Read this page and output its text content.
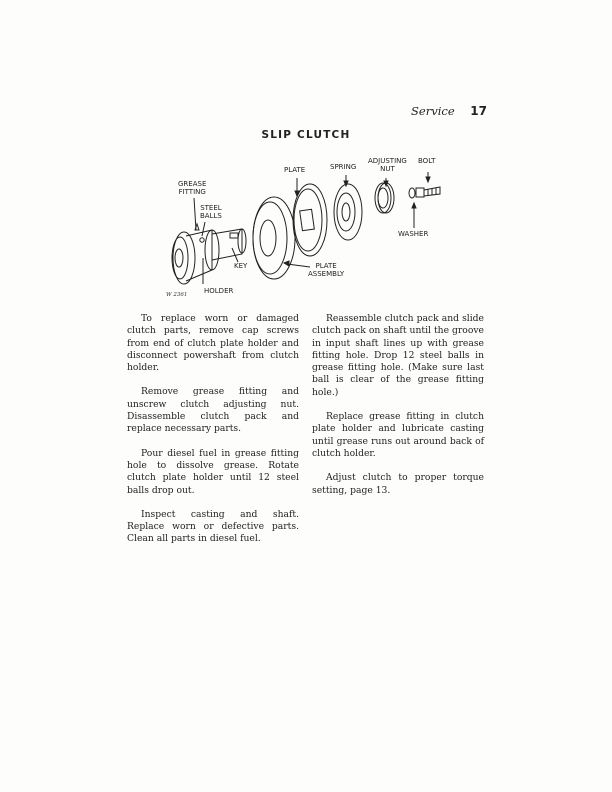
Service 17
SLIP CLUTCH
GREASE
FITTING
STEEL
BALLS
PLATE	SPRING
ADJUSTING
NUT
BOLT
WASHER
KEY	PLATE
ASSEMBLY
HOLDER
W 2361

To replace worn or damaged clutch parts, remove cap screws from end of clutch plate holder and disconnect powershaft from clutch holder.

Remove grease fitting and unscrew clutch adjusting nut. Disassemble clutch pack and replace necessary parts.

Pour diesel fuel in grease fitting hole to dissolve grease. Rotate clutch plate holder until 12 steel balls drop out.

Inspect casting and shaft. Replace worn or defective parts. Clean all parts in diesel fuel.

Reassemble clutch pack and slide clutch pack on shaft until the groove in input shaft lines up with grease fitting hole. Drop 12 steel balls in grease fitting hole. (Make sure last ball is clear of the grease fitting hole.)

Replace grease fitting in clutch plate holder and lubricate casting until grease runs out around back of clutch holder.

Adjust clutch to proper torque setting, page 13.
